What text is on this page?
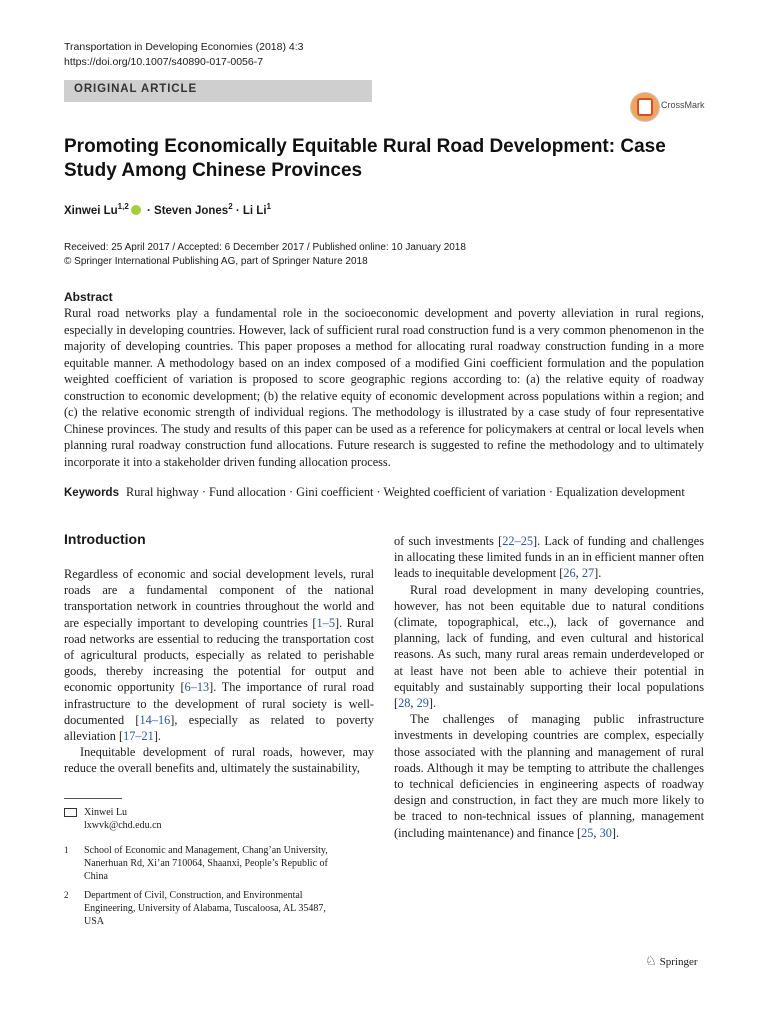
Transportation in Developing Economies (2018) 4:3
https://doi.org/10.1007/s40890-017-0056-7
ORIGINAL ARTICLE
CrossMark
Promoting Economically Equitable Rural Road Development: Case Study Among Chinese Provinces
Xinwei Lu$^{1,2}$ · Steven Jones$^2$ · Li Li$^1$
Received: 25 April 2017 / Accepted: 6 December 2017 / Published online: 10 January 2018
© Springer International Publishing AG, part of Springer Nature 2018
Abstract
Rural road networks play a fundamental role in the socioeconomic development and poverty alleviation in rural regions, especially in developing countries. However, lack of sufficient rural road construction fund is a very common phenomenon in the majority of developing countries. This paper proposes a method for allocating rural roadway construction funding in a more equitable manner. A methodology based on an index composed of a modified Gini coefficient formulation and the population weighted coefficient of variation is proposed to score geographic regions according to: (a) the relative equity of roadway construction to economic development; (b) the relative equity of economic development across populations within a region; and (c) the relative economic strength of individual regions. The methodology is illustrated by a case study of four representative Chinese provinces. The study and results of this paper can be used as a reference for policymakers at central or local levels when planning rural roadway construction fund allocations. Future research is suggested to refine the methodology and to ultimately incorporate it into a stakeholder driven funding allocation process.
Keywords Rural highway · Fund allocation · Gini coefficient · Weighted coefficient of variation · Equalization development
Introduction

Regardless of economic and social development levels, rural roads are a fundamental component of the national transportation network in countries throughout the world and are especially important to developing countries [1–5]. Rural road networks are essential to reducing the transportation cost of agricultural products, especially as related to perishable goods, thereby increasing the potential for output and economic opportunity [6–13]. The importance of rural road infrastructure to the development of rural society is well-documented [14–16], especially as related to poverty alleviation [17–21].

Inequitable development of rural roads, however, may reduce the overall benefits and, ultimately the sustainability,

of such investments [22–25]. Lack of funding and challenges in allocating these limited funds in an in efficient manner often leads to inequitable development [26, 27].

Rural road development in many developing countries, however, has not been equitable due to natural conditions (climate, topographical, etc.,), lack of governance and planning, lack of funding, and even cultural and historical reasons. As such, many rural areas remain underdeveloped or at least have not been able to achieve their potential in equitably and sustainably supporting their local populations [28, 29].

The challenges of managing public infrastructure investments in developing countries are complex, especially those associated with the planning and management of rural roads. Although it may be tempting to attribute the challenges to technical deficiencies in engineering aspects of roadway design and construction, in fact they are much more likely to be traced to non-technical issues of planning, management (including maintenance) and finance [25, 30].

Xinwei Lu
lxwvk@chd.edu.cn
1 School of Economic and Management, Chang’an University, Nanerhuan Rd, Xi’an 710064, Shaanxi, People’s Republic of China
2 Department of Civil, Construction, and Environmental Engineering, University of Alabama, Tuscaloosa, AL 35487, USA
♘ Springer
